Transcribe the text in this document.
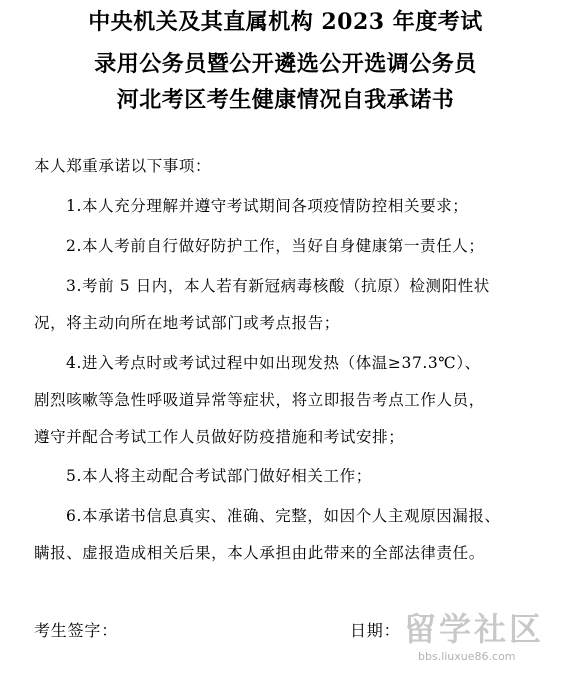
中央机关及其直属机构 2023 年度考试
录用公务员暨公开遴选公开选调公务员
河北考区考生健康情况自我承诺书
本人郑重承诺以下事项：
1.本人充分理解并遵守考试期间各项疫情防控相关要求；
2.本人考前自行做好防护工作，当好自身健康第一责任人；
3.考前 5 日内，本人若有新冠病毒核酸（抗原）检测阳性状
况，将主动向所在地考试部门或考点报告；
4.进入考点时或考试过程中如出现发热（体温≥37.3℃）、
剧烈咳嗽等急性呼吸道异常等症状，将立即报告考点工作人员，
遵守并配合考试工作人员做好防疫措施和考试安排；
5.本人将主动配合考试部门做好相关工作；
6.本承诺书信息真实、准确、完整，如因个人主观原因漏报、
瞒报、虚报造成相关后果，本人承担由此带来的全部法律责任。
考生签字：	日期： 留学社区
bbs.liuxue86.com
